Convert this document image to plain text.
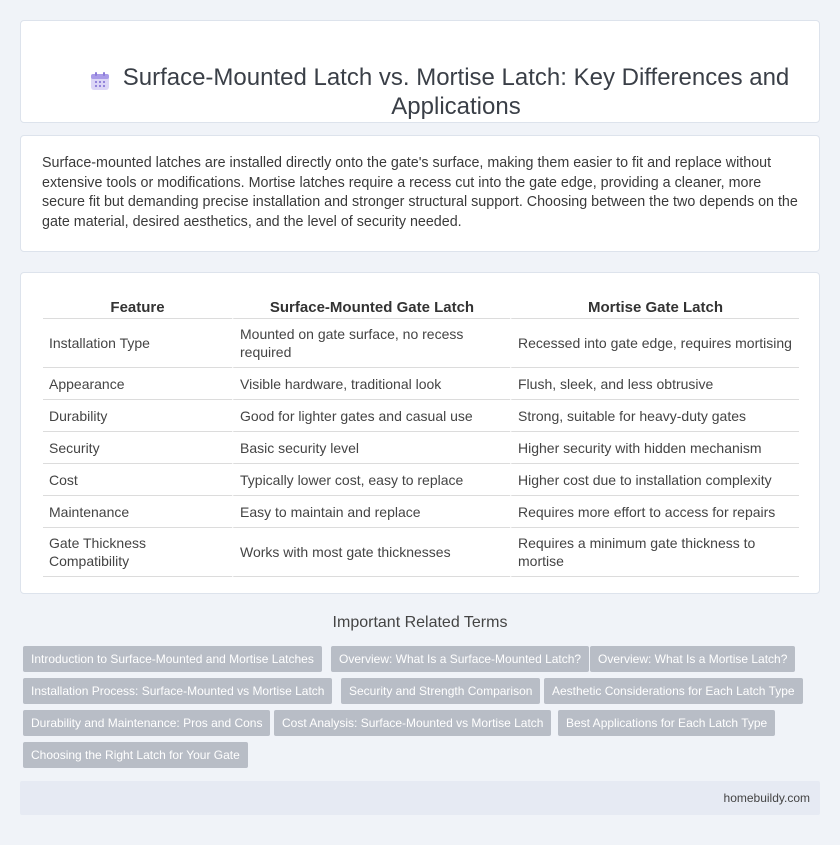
Surface-Mounted Latch vs. Mortise Latch: Key Differences and Applications

Surface-mounted latches are installed directly onto the gate's surface, making them easier to fit and replace without extensive tools or modifications. Mortise latches require a recess cut into the gate edge, providing a cleaner, more secure fit but demanding precise installation and stronger structural support. Choosing between the two depends on the gate material, desired aesthetics, and the level of security needed.

Feature	Surface-Mounted Gate Latch	Mortise Gate Latch
Installation Type	Mounted on gate surface, no recess required	Recessed into gate edge, requires mortising
Appearance	Visible hardware, traditional look	Flush, sleek, and less obtrusive
Durability	Good for lighter gates and casual use	Strong, suitable for heavy-duty gates
Security	Basic security level	Higher security with hidden mechanism
Cost	Typically lower cost, easy to replace	Higher cost due to installation complexity
Maintenance	Easy to maintain and replace	Requires more effort to access for repairs
Gate Thickness Compatibility	Works with most gate thicknesses	Requires a minimum gate thickness to mortise
Important Related Terms
Introduction to Surface-Mounted and Mortise Latches	Overview: What Is a Surface-Mounted Latch?	Overview: What Is a Mortise Latch?
Installation Process: Surface-Mounted vs Mortise Latch	Security and Strength Comparison	Aesthetic Considerations for Each Latch Type
Durability and Maintenance: Pros and Cons	Cost Analysis: Surface-Mounted vs Mortise Latch	Best Applications for Each Latch Type
Choosing the Right Latch for Your Gate
homebuildy.com
